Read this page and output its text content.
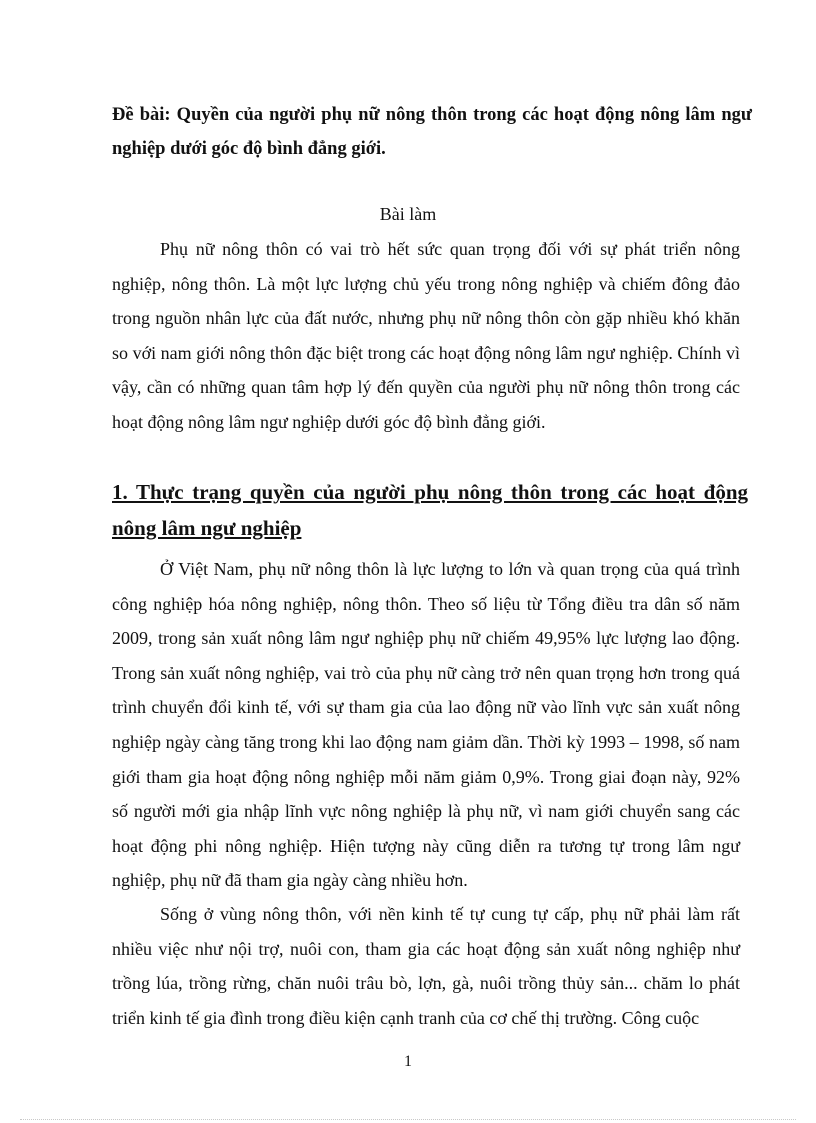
Đề bài: Quyền của người phụ nữ nông thôn trong các hoạt động nông lâm ngư nghiệp dưới góc độ bình đẳng giới.
Bài làm

Phụ nữ nông thôn có vai trò hết sức quan trọng đối với sự phát triển nông nghiệp, nông thôn. Là một lực lượng chủ yếu trong nông nghiệp và chiếm đông đảo trong nguồn nhân lực của đất nước, nhưng phụ nữ nông thôn còn gặp nhiều khó khăn so với nam giới nông thôn đặc biệt trong các hoạt động nông lâm ngư nghiệp. Chính vì vậy, cần có những quan tâm hợp lý đến quyền của người phụ nữ nông thôn trong các hoạt động nông lâm ngư nghiệp dưới góc độ bình đẳng giới.

1. Thực trạng quyền của người phụ nông thôn trong các hoạt động nông lâm ngư nghiệp

Ở Việt Nam, phụ nữ nông thôn là lực lượng to lớn và quan trọng của quá trình công nghiệp hóa nông nghiệp, nông thôn. Theo số liệu từ Tổng điều tra dân số năm 2009, trong sản xuất nông lâm ngư nghiệp phụ nữ chiếm 49,95% lực lượng lao động. Trong sản xuất nông nghiệp, vai trò của phụ nữ càng trở nên quan trọng hơn trong quá trình chuyển đổi kinh tế, với sự tham gia của lao động nữ vào lĩnh vực sản xuất nông nghiệp ngày càng tăng trong khi lao động nam giảm dần. Thời kỳ 1993 – 1998, số nam giới tham gia hoạt động nông nghiệp mỗi năm giảm 0,9%. Trong giai đoạn này, 92% số người mới gia nhập lĩnh vực nông nghiệp là phụ nữ, vì nam giới chuyển sang các hoạt động phi nông nghiệp. Hiện tượng này cũng diễn ra tương tự trong lâm ngư nghiệp, phụ nữ đã tham gia ngày càng nhiều hơn.

Sống ở vùng nông thôn, với nền kinh tế tự cung tự cấp, phụ nữ phải làm rất nhiều việc như nội trợ, nuôi con, tham gia các hoạt động sản xuất nông nghiệp như trồng lúa, trồng rừng, chăn nuôi trâu bò, lợn, gà, nuôi trồng thủy sản... chăm lo phát triển kinh tế gia đình trong điều kiện cạnh tranh của cơ chế thị trường. Công cuộc

1
